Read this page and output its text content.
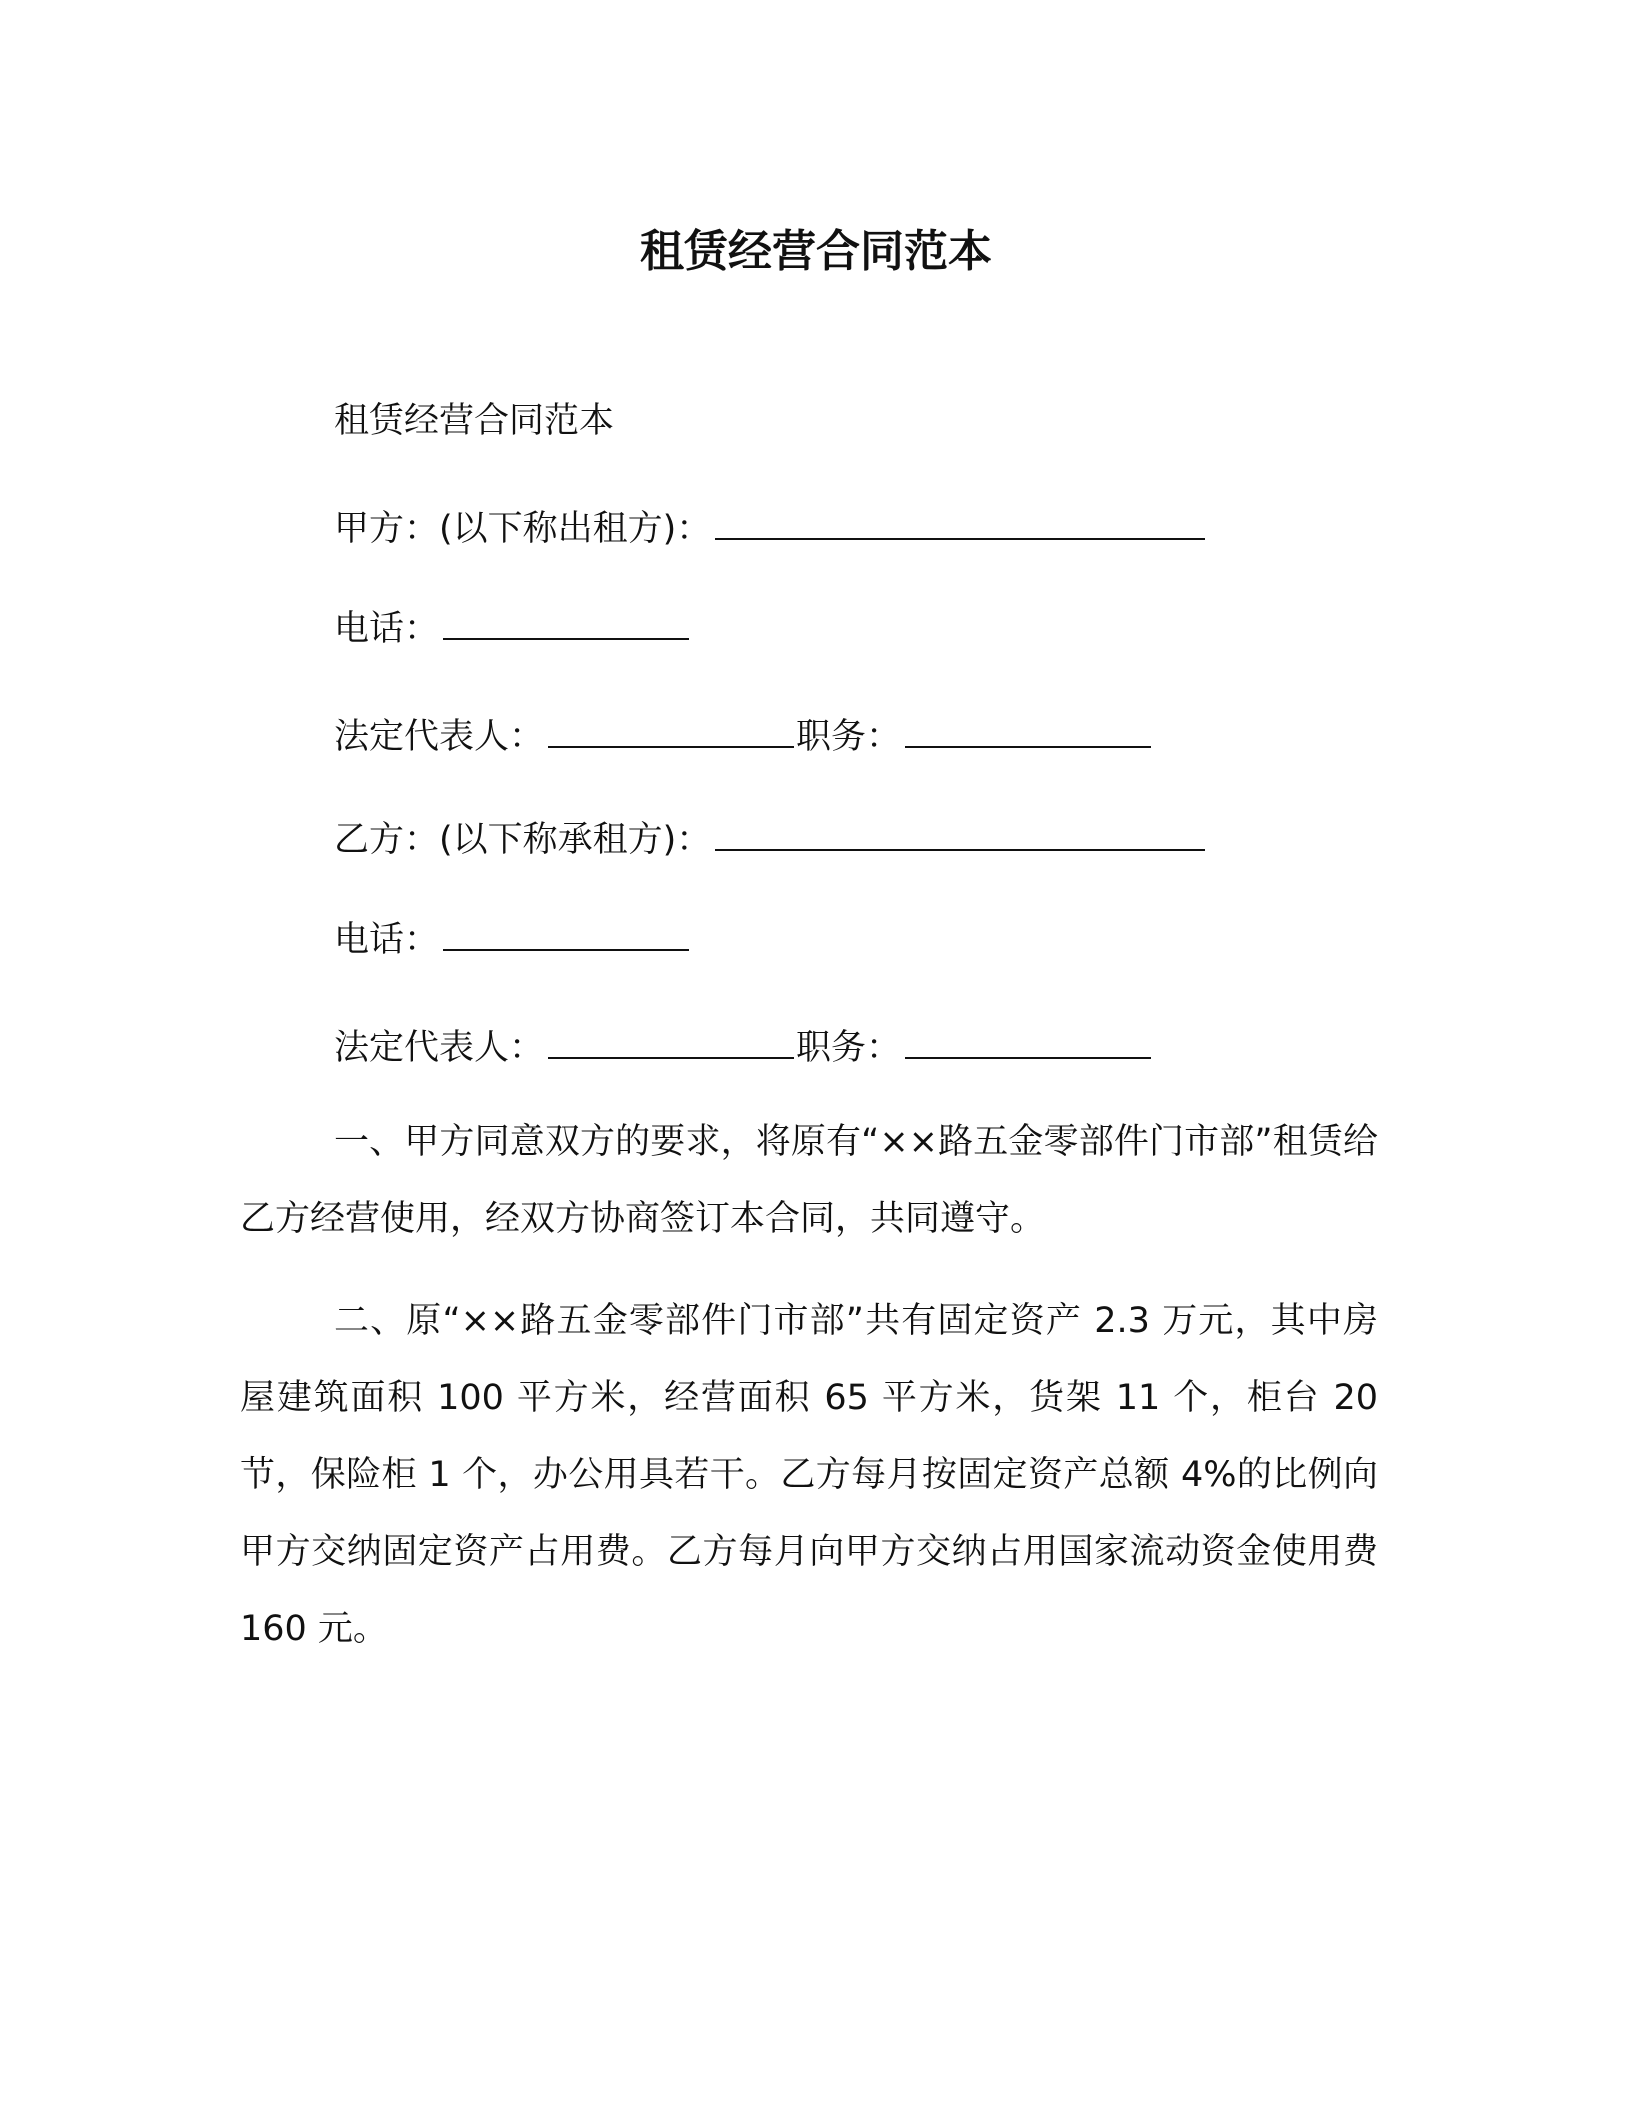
租赁经营合同范本
租赁经营合同范本
甲方：(以下称出租方)：
电话：
法定代表人：	职务：
乙方：(以下称承租方)：
电话：
法定代表人：	职务：

一、甲方同意双方的要求，将原有“××路五金零部件门市部”租赁给乙方经营使用，经双方协商签订本合同，共同遵守。

二、原“××路五金零部件门市部”共有固定资产 2.3 万元，其中房屋建筑面积 100 平方米，经营面积 65 平方米，货架 11 个，柜台 20 节，保险柜 1 个，办公用具若干。乙方每月按固定资产总额 4%的比例向甲方交纳固定资产占用费。乙方每月向甲方交纳占用国家流动资金使用费 160 元。
